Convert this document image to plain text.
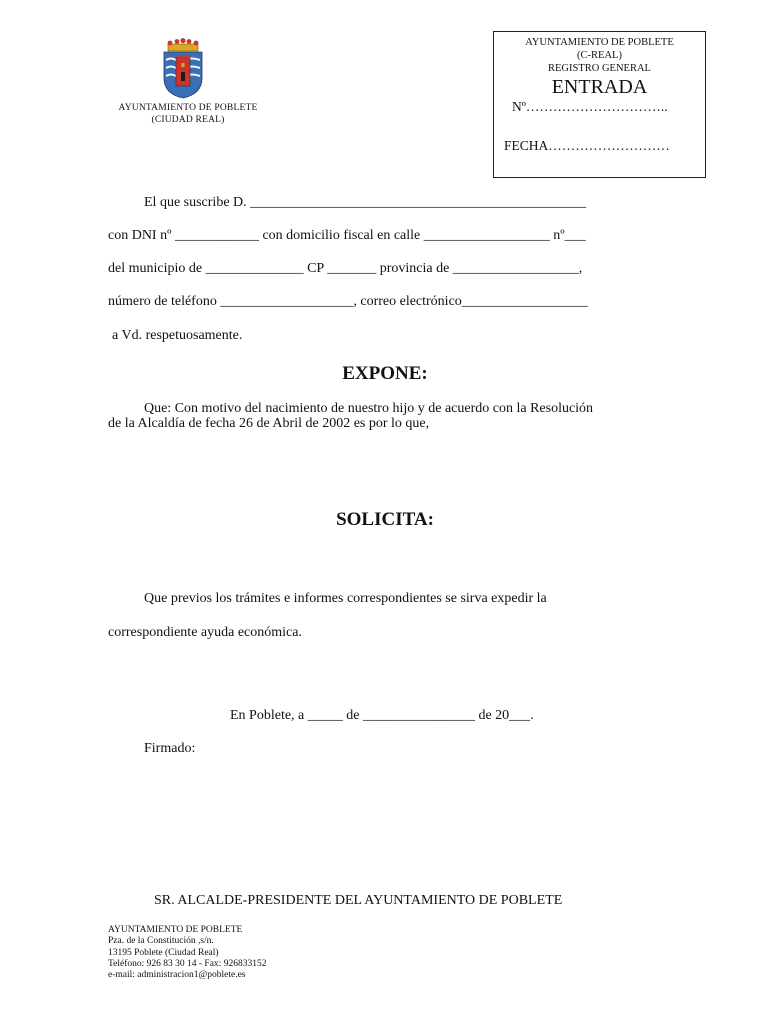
AYUNTAMIENTO DE POBLETE
(CIUDAD REAL)
AYUNTAMIENTO DE POBLETE
(C-REAL)
REGISTRO GENERAL
ENTRADA
Nº…………………………..
FECHA………………………
El que suscribe D. ________________________________________________
con DNI nº ____________ con domicilio fiscal en calle __________________ nº___
del municipio de ______________ CP _______ provincia de __________________,
número de teléfono ___________________, correo electrónico__________________
a Vd. respetuosamente.
EXPONE:
Que: Con motivo del nacimiento de nuestro hijo y de acuerdo con la Resolución
de la Alcaldía de fecha 26 de Abril de 2002 es por lo que,
SOLICITA:
Que previos los trámites e informes correspondientes se sirva expedir la
correspondiente ayuda económica.
En Poblete, a _____ de ________________ de 20___.
Firmado:
SR. ALCALDE-PRESIDENTE DEL AYUNTAMIENTO DE POBLETE
AYUNTAMIENTO DE POBLETE
Pza. de la Constitución ,s/n.
13195 Poblete (Ciudad Real)
Teléfono: 926 83 30 14 - Fax: 926833152
e-mail: administracion1@poblete.es
